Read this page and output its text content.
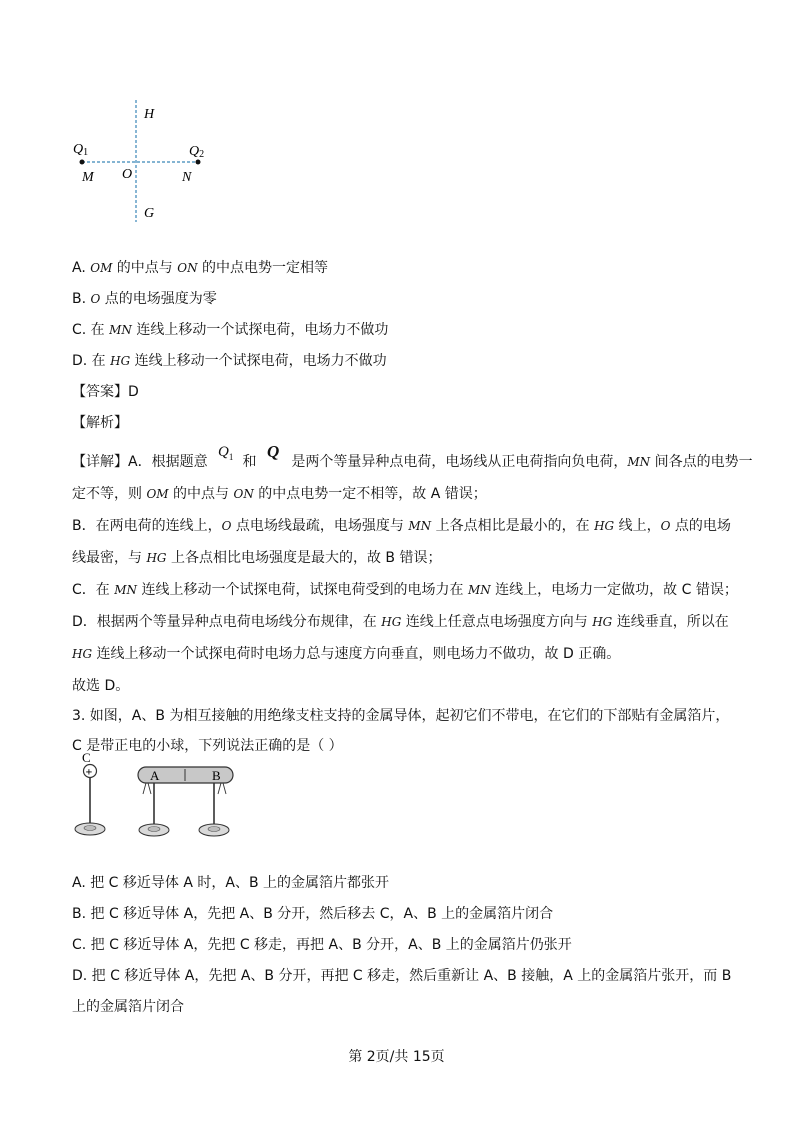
H
G
O
M	N
Q1	Q2
A. OM 的中点与 ON 的中点电势一定相等
B. O 点的电场强度为零
C. 在 MN 连线上移动一个试探电荷，电场力不做功
D. 在 HG 连线上移动一个试探电荷，电场力不做功
【答案】D
【解析】
【详解】A．根据题意
$Q_1$ 和
Q
是两个等量异种点电荷，电场线从正电荷指向负电荷，MN 间各点的电势一
定不等，则 OM 的中点与 ON 的中点电势一定不相等，故 A 错误；
B．在两电荷的连线上，O 点电场线最疏，电场强度与 MN 上各点相比是最小的，在 HG 线上，O 点的电场
线最密，与 HG 上各点相比电场强度是最大的，故 B 错误；
C．在 MN 连线上移动一个试探电荷，试探电荷受到的电场力在 MN 连线上，电场力一定做功，故 C 错误；
D．根据两个等量异种点电荷电场线分布规律，在 HG 连线上任意点电场强度方向与 HG 连线垂直，所以在
HG 连线上移动一个试探电荷时电场力总与速度方向垂直，则电场力不做功，故 D 正确。
故选 D。
3. 如图，A、B 为相互接触的用绝缘支柱支持的金属导体，起初它们不带电，在它们的下部贴有金属箔片，
C 是带正电的小球，下列说法正确的是（ ）
C
+	A	B
A. 把 C 移近导体 A 时，A、B 上的金属箔片都张开
B. 把 C 移近导体 A，先把 A、B 分开，然后移去 C，A、B 上的金属箔片闭合
C. 把 C 移近导体 A，先把 C 移走，再把 A、B 分开，A、B 上的金属箔片仍张开
D. 把 C 移近导体 A，先把 A、B 分开，再把 C 移走，然后重新让 A、B 接触，A 上的金属箔片张开，而 B
上的金属箔片闭合
第 2页/共 15页
